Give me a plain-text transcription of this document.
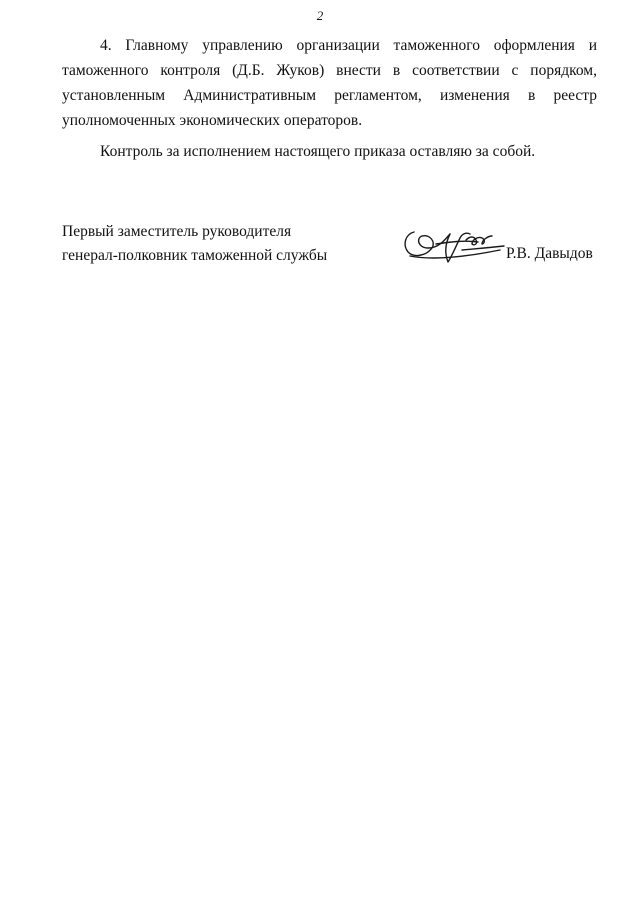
2
4. Главному управлению организации таможенного оформления и
таможенного контроля (Д.Б. Жуков) внести в соответствии с порядком,
установленным Административным регламентом, изменения в реестр
уполномоченных экономических операторов.

Контроль за исполнением настоящего приказа оставляю за собой.

Первый заместитель руководителя
генерал-полковник таможенной службы	Р.В. Давыдов
